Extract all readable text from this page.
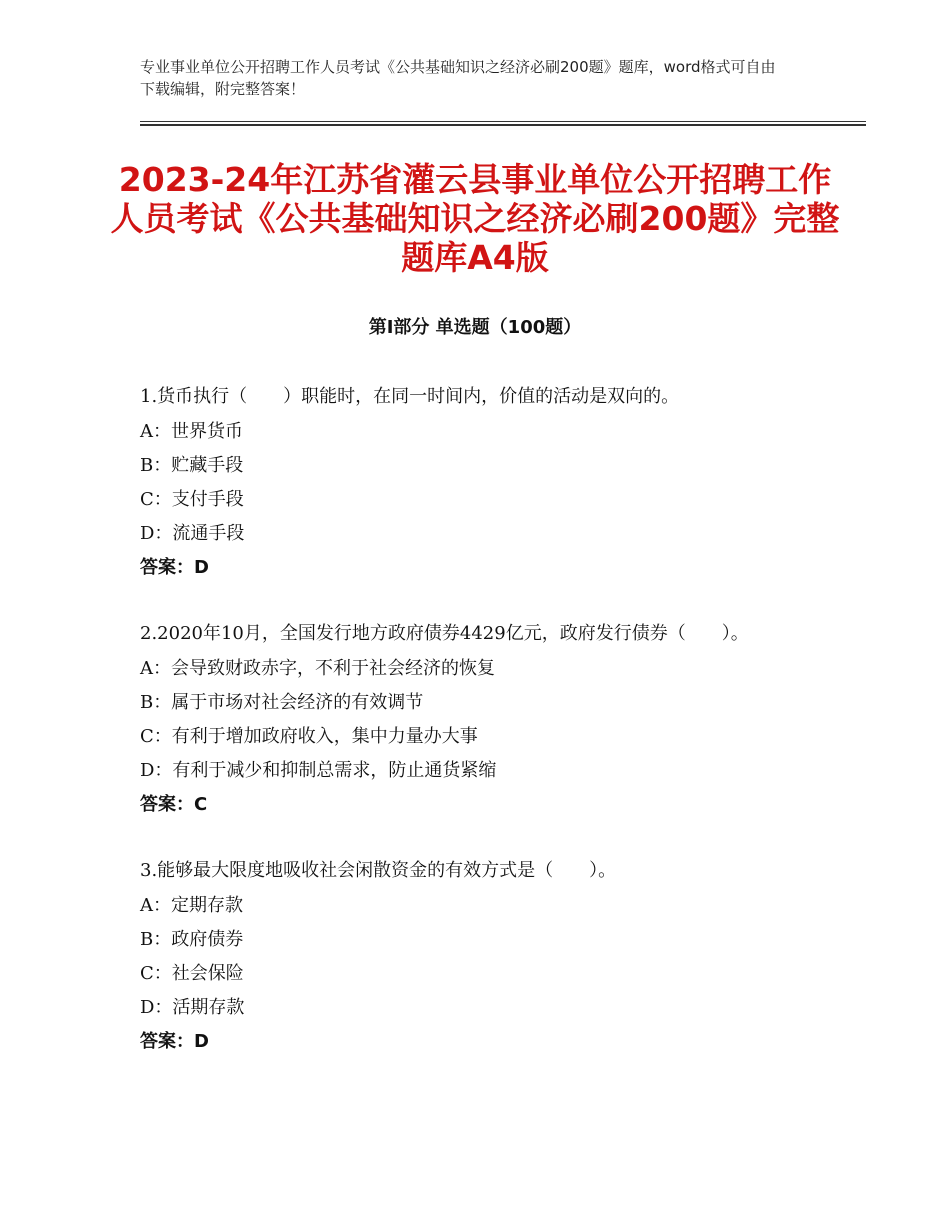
专业事业单位公开招聘工作人员考试《公共基础知识之经济必刷200题》题库，word格式可自由下载编辑，附完整答案！
2023-24年江苏省灌云县事业单位公开招聘工作人员考试《公共基础知识之经济必刷200题》完整题库A4版
第Ⅰ部分 单选题（100题）

1.货币执行（　　）职能时，在同一时间内，价值的活动是双向的。

A：世界货币

B：贮藏手段

C：支付手段

D：流通手段

答案：D

2.2020年10月，全国发行地方政府债券4429亿元，政府发行债券（　　）。

A：会导致财政赤字，不利于社会经济的恢复

B：属于市场对社会经济的有效调节

C：有利于增加政府收入，集中力量办大事

D：有利于减少和抑制总需求，防止通货紧缩

答案：C

3.能够最大限度地吸收社会闲散资金的有效方式是（　　）。

A：定期存款

B：政府债券

C：社会保险

D：活期存款

答案：D
